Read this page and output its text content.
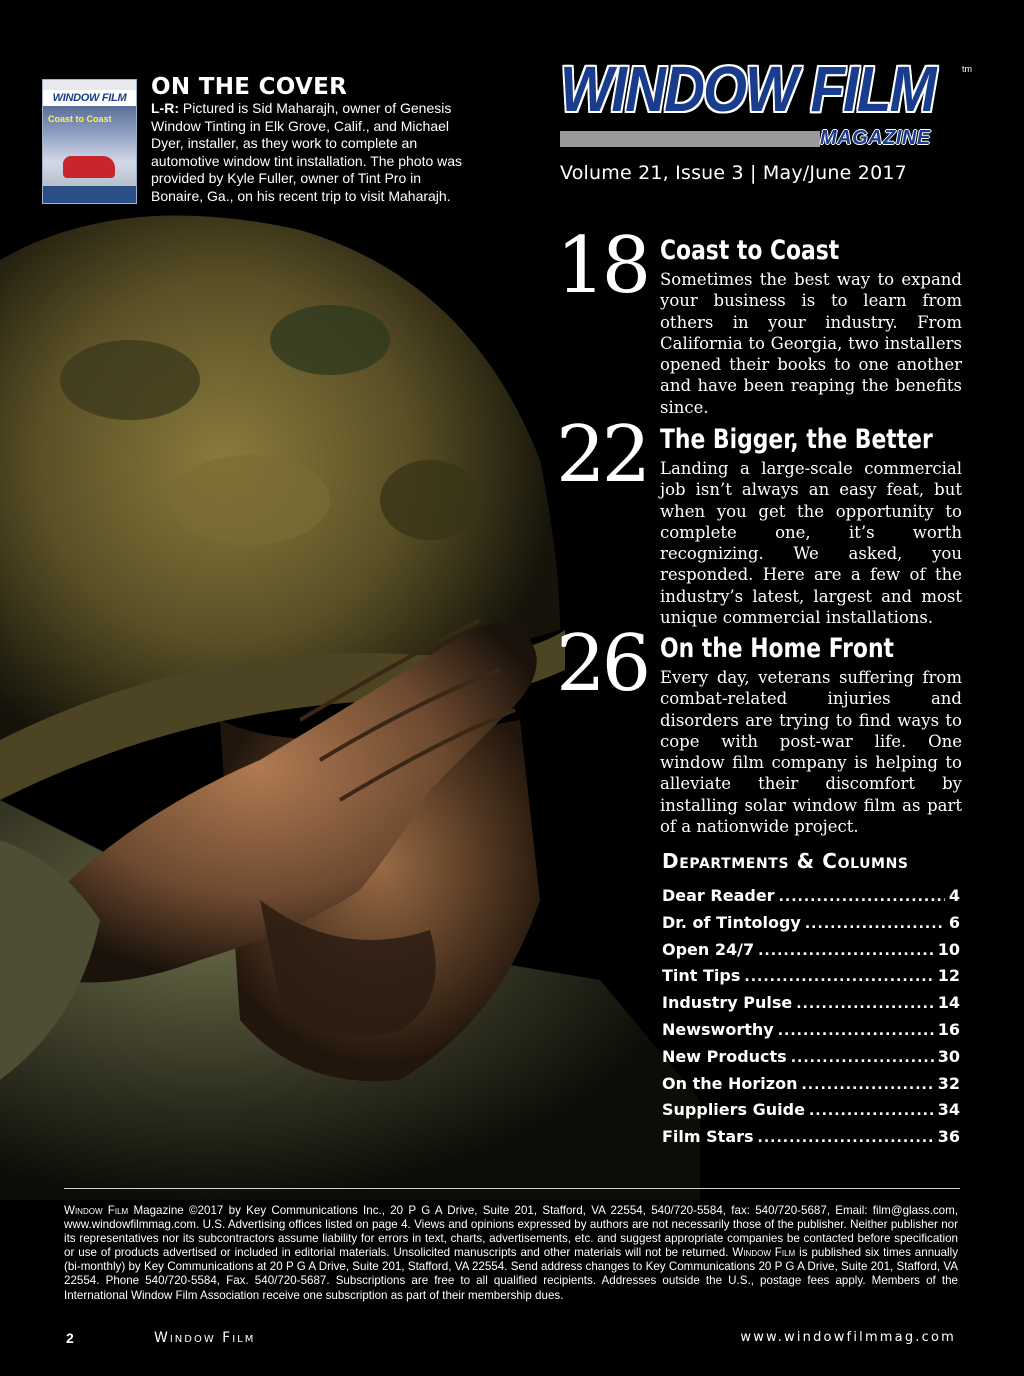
WINDOW FILM
Coast to Coast
ON THE COVER
L-R: Pictured is Sid Maharajh, owner of Genesis Window Tinting in Elk Grove, Calif., and Michael Dyer, installer, as they work to complete an automotive window tint installation. The photo was provided by Kyle Fuller, owner of Tint Pro in Bonaire, Ga., on his recent trip to visit Maharajh.
WINDOW FILM	tm
MAGAZINE
Volume 21, Issue 3 | May/June 2017
18 Coast to Coast
Sometimes the best way to expand your business is to learn from others in your industry. From California to Georgia, two installers opened their books to one another and have been reaping the benefits since.
22 The Bigger, the Better
Landing a large-scale commercial job isn’t always an easy feat, but when you get the opportunity to complete one, it’s worth recognizing. We asked, you responded. Here are a few of the industry’s latest, largest and most unique commercial installations.
26 On the Home Front
Every day, veterans suffering from combat-related injuries and disorders are trying to find ways to cope with post-war life. One window film company is helping to alleviate their discomfort by installing solar window film as part of a nationwide project.
Departments & Columns
Dear Reader .....	4
Dr. of Tintology .....	6
Open 24/7 .....	10
Tint Tips .....	12
Industry Pulse .....	14
Newsworthy .....	16
New Products .....	30
On the Horizon .....	32
Suppliers Guide .....	34
Film Stars .....	36
Window Film Magazine ©2017 by Key Communications Inc., 20 P G A Drive, Suite 201, Stafford, VA 22554, 540/720-5584, fax: 540/720-5687, Email: film@glass.com, www.windowfilmmag.com. U.S. Advertising offices listed on page 4. Views and opinions expressed by authors are not necessarily those of the publisher. Neither publisher nor its representatives nor its subcontractors assume liability for errors in text, charts, advertisements, etc. and suggest appropriate companies be contacted before specification or use of products advertised or included in editorial materials. Unsolicited manuscripts and other materials will not be returned. Window Film is published six times annually (bi-monthly) by Key Communications at 20 P G A Drive, Suite 201, Stafford, VA 22554. Send address changes to Key Communications 20 P G A Drive, Suite 201, Stafford, VA 22554. Phone 540/720-5584, Fax. 540/720-5687. Subscriptions are free to all qualified recipients. Addresses outside the U.S., postage fees apply. Members of the International Window Film Association receive one subscription as part of their membership dues.
2	Window Film	www.windowfilmmag.com
